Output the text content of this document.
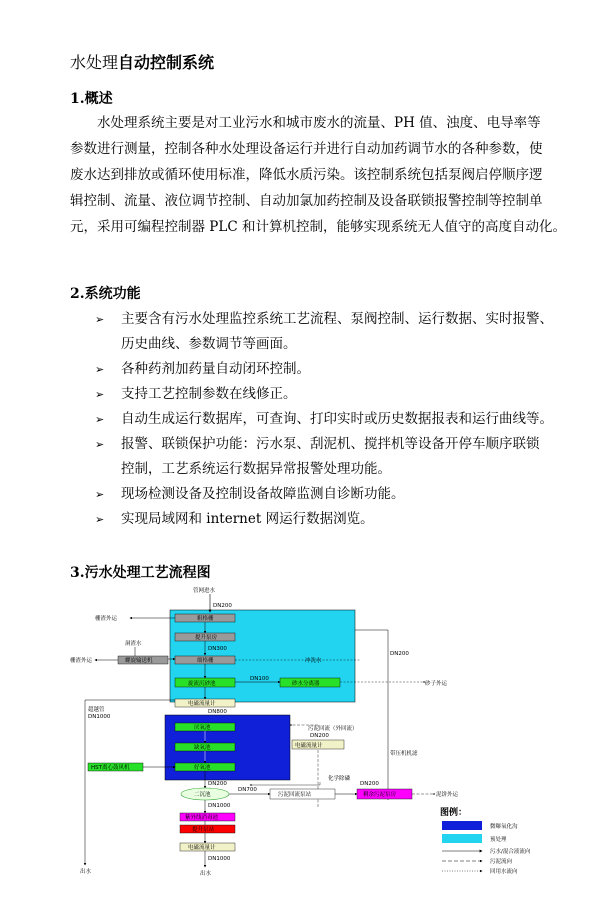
水处理自动控制系统
1.概述
水处理系统主要是对工业污水和城市废水的流量、PH 值、浊度、电导率等
参数进行测量，控制各种水处理设备运行并进行自动加药调节水的各种参数，使
废水达到排放或循环使用标准，降低水质污染。该控制系统包括泵阀启停顺序逻
辑控制、流量、液位调节控制、自动加氯加药控制及设备联锁报警控制等控制单
元，采用可编程控制器 PLC 和计算机控制，能够实现系统无人值守的高度自动化。
2.系统功能
➢ 主要含有污水处理监控系统工艺流程、泵阀控制、运行数据、实时报警、
历史曲线、参数调节等画面。
➢ 各种药剂加药量自动闭环控制。
➢ 支持工艺控制参数在线修正。
➢ 自动生成运行数据库，可查询、打印实时或历史数据报表和运行曲线等。
➢ 报警、联锁保护功能：污水泵、刮泥机、搅拌机等设备开停车顺序联锁
控制，工艺系统运行数据异常报警处理功能。
➢ 现场检测设备及控制设备故障监测自诊断功能。
➢ 实现局域网和 internet 网运行数据浏览。
3.污水处理工艺流程图
管网进水
DN200
粗格栅
栅渣外运
提升泵房
DN300
洞渣水
细格栅
螺旋输送机
栅渣外运	冲洗水
旋流沉砂池
DN100
砂水分离器	砂子外运
电磁流量计
DN800
超越管
DN1000
厌氧池
缺氧池
好氧池
HST离心鼓风机
电磁流量计
污泥回流（外回流）
DN200
DN200
带压机机滤
化学除磷
DN200
二沉池
DN700
污泥回流泵站	剩余污泥泵房
DN200
泥饼外运
DN1000
紫外线消毒池
提升泵站
电磁流量计
DN1000
出水
出水
图例：
微曝氧化沟
预处理
污水/混合液流向
污泥流向
回用水流向
